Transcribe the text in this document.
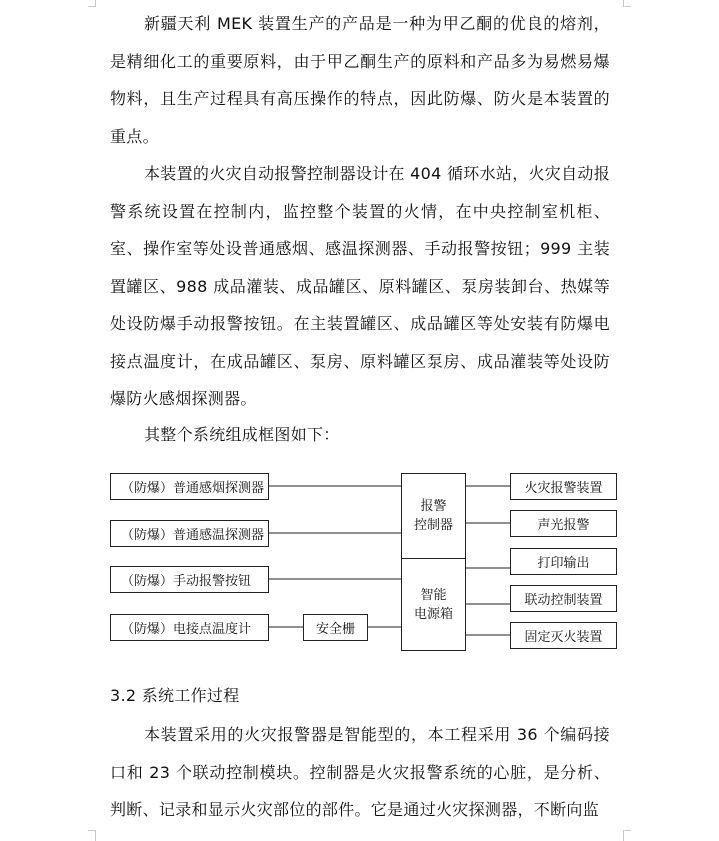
新疆天利 MEK 装置生产的产品是一种为甲乙酮的优良的熔剂，是精细化工的重要原料，由于甲乙酮生产的原料和产品多为易燃易爆物料，且生产过程具有高压操作的特点，因此防爆、防火是本装置的重点。

本装置的火灾自动报警控制器设计在 404 循环水站，火灾自动报警系统设置在控制内，监控整个装置的火情，在中央控制室机柜、室、操作室等处设普通感烟、感温探测器、手动报警按钮；999 主装置罐区、988 成品灌装、成品罐区、原料罐区、泵房装卸台、热媒等处设防爆手动报警按钮。在主装置罐区、成品罐区等处安装有防爆电接点温度计，在成品罐区、泵房、原料罐区泵房、成品灌装等处设防爆防火感烟探测器。

其整个系统组成框图如下：

（防爆）普通感烟探测器
（防爆）普通感温探测器
（防爆）手动报警按钮
（防爆）电接点温度计	安全栅
报警
控制器
智能
电源箱
火灾报警装置
声光报警
打印输出
联动控制装置
固定灭火装置

3.2 系统工作过程

本装置采用的火灾报警器是智能型的，本工程采用 36 个编码接口和 23 个联动控制模块。控制器是火灾报警系统的心脏，是分析、判断、记录和显示火灾部位的部件。它是通过火灾探测器，不断向监
